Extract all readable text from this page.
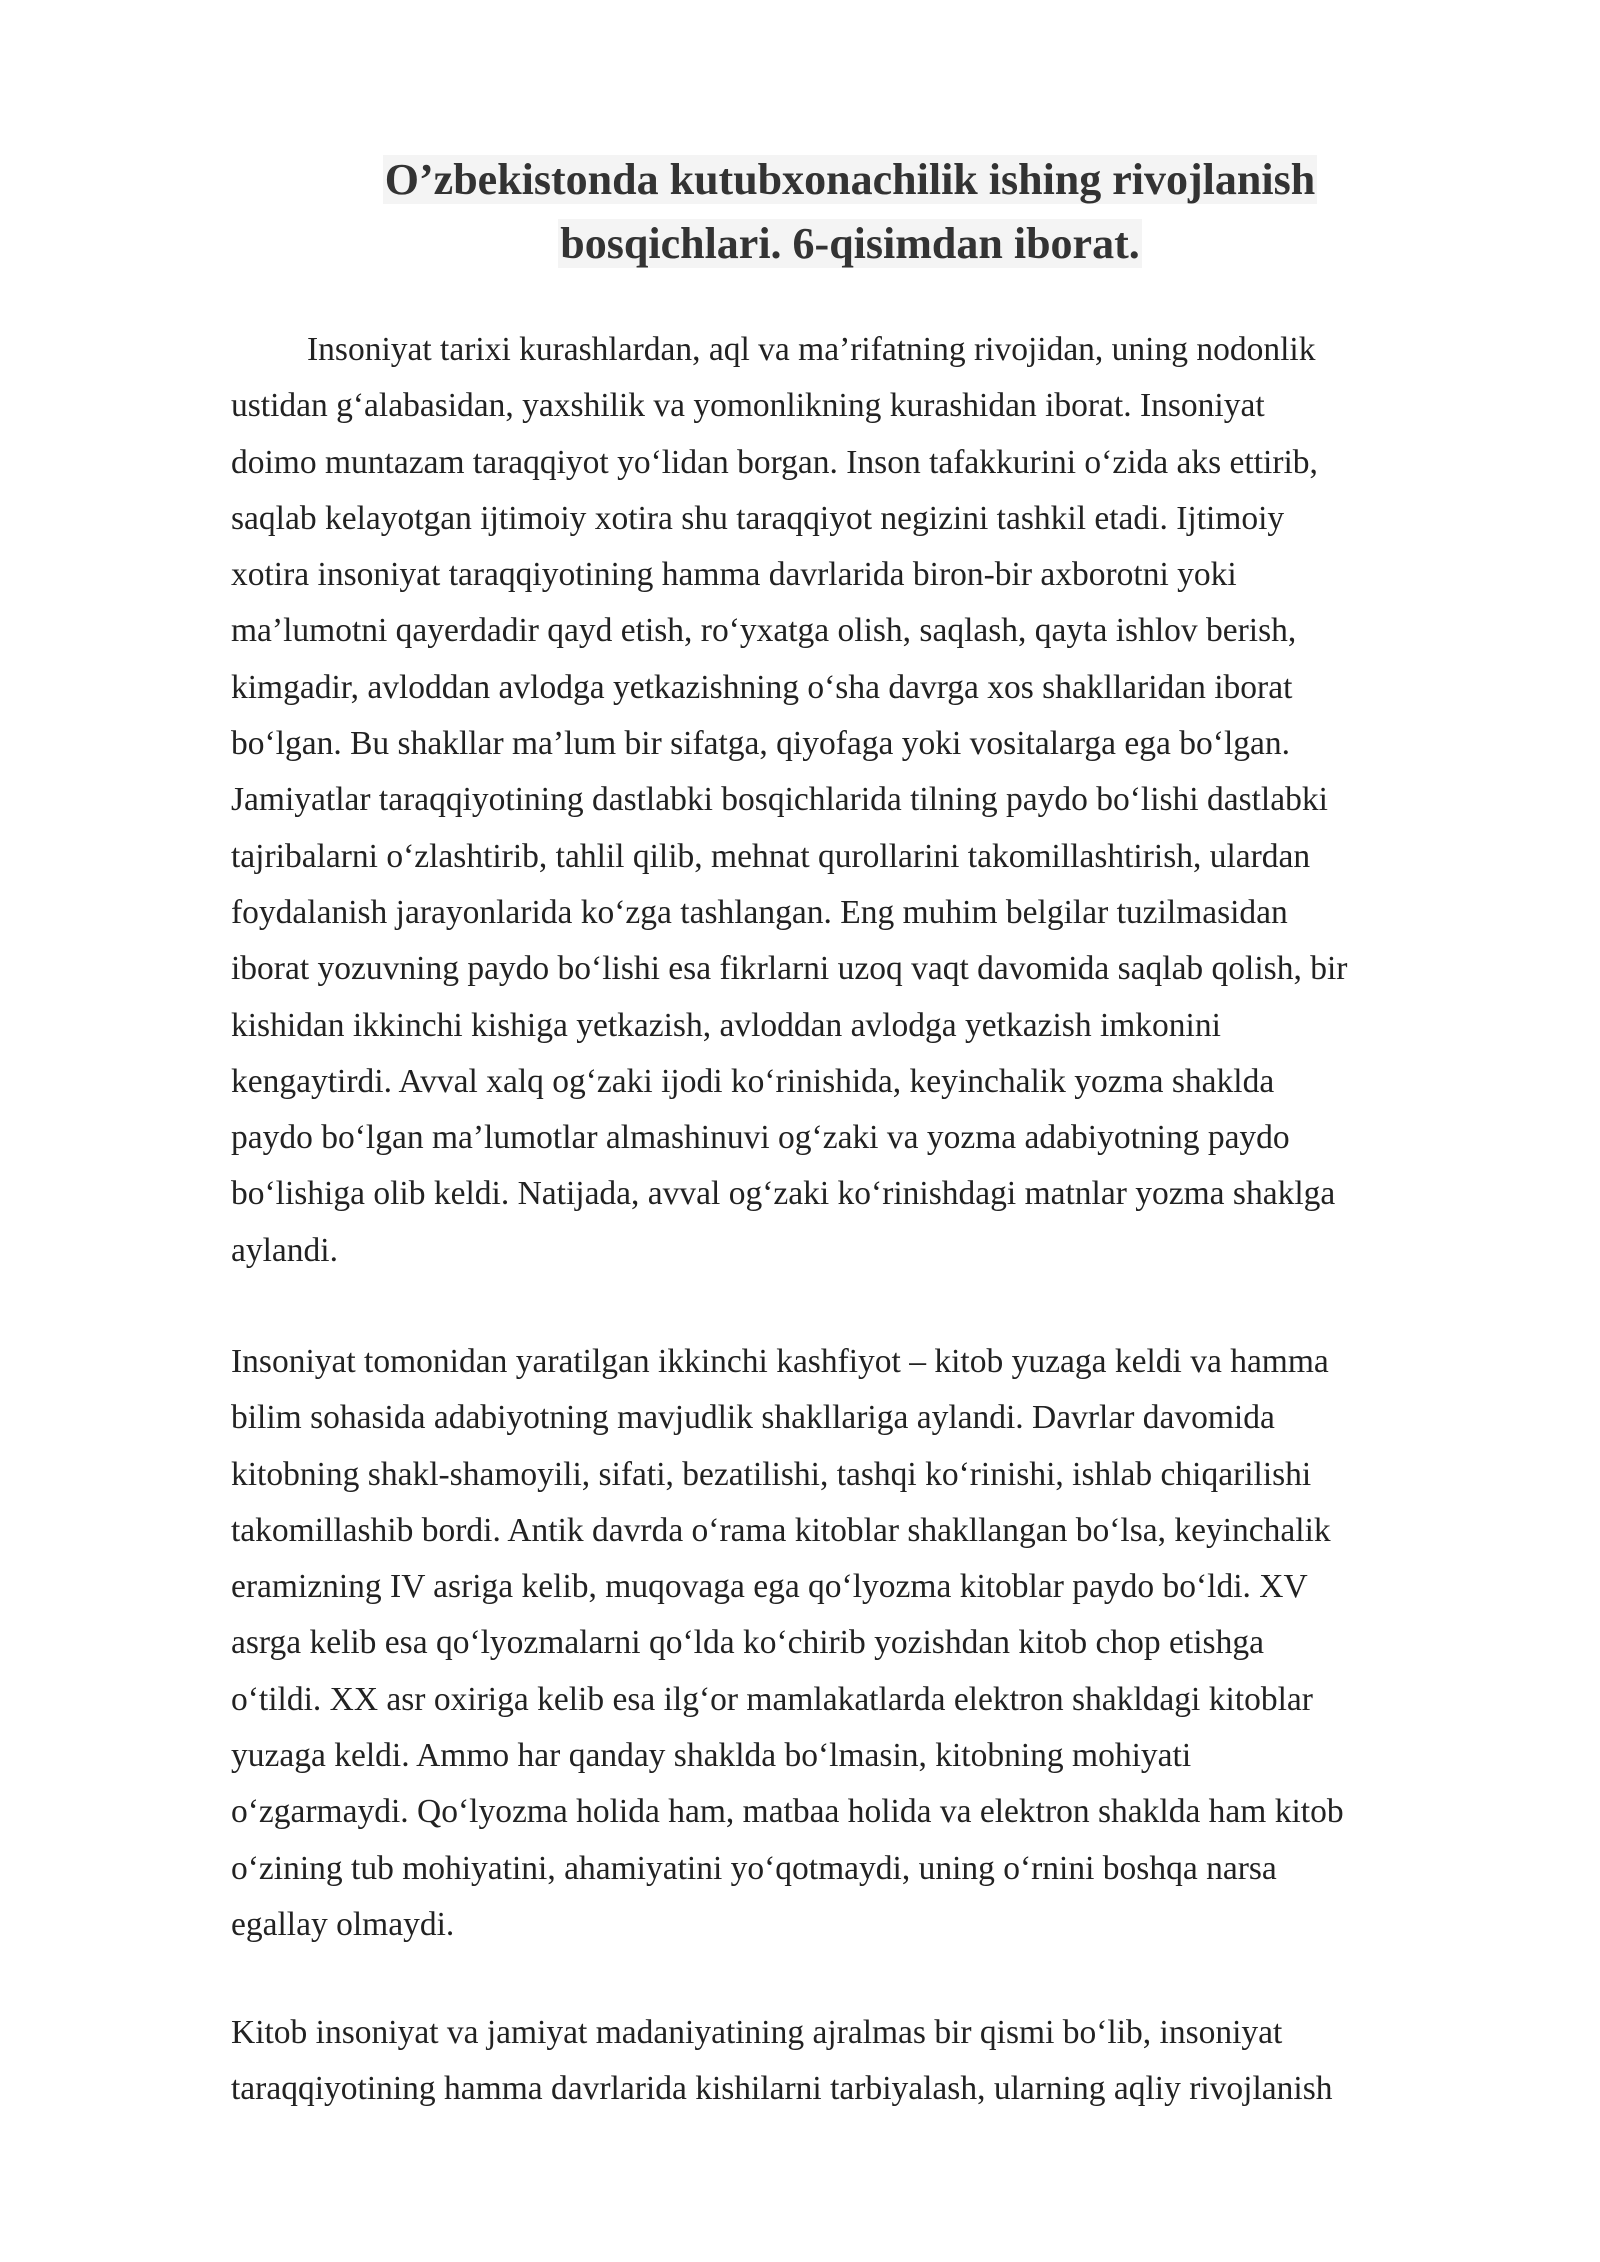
O’zbekistonda kutubxonachilik ishing rivojlanish
bosqichlari. 6-qisimdan iborat.
Insoniyat tarixi kurashlardan, aql va ma’rifatning rivojidan, uning nodonlik
ustidan g‘alabasidan, yaxshilik va yomonlikning kurashidan iborat. Insoniyat
doimo muntazam taraqqiyot yo‘lidan borgan. Inson tafakkurini o‘zida aks ettirib,
saqlab kelayotgan ijtimoiy xotira shu taraqqiyot negizini tashkil etadi. Ijtimoiy
xotira insoniyat taraqqiyotining hamma davrlarida biron-bir axborotni yoki
ma’lumotni qayerdadir qayd etish, ro‘yxatga olish, saqlash, qayta ishlov berish,
kimgadir, avloddan avlodga yetkazishning o‘sha davrga xos shakllaridan iborat
bo‘lgan. Bu shakllar ma’lum bir sifatga, qiyofaga yoki vositalarga ega bo‘lgan.
Jamiyatlar taraqqiyotining dastlabki bosqichlarida tilning paydo bo‘lishi dastlabki
tajribalarni o‘zlashtirib, tahlil qilib, mehnat qurollarini takomillashtirish, ulardan
foydalanish jarayonlarida ko‘zga tashlangan. Eng muhim belgilar tuzilmasidan
iborat yozuvning paydo bo‘lishi esa fikrlarni uzoq vaqt davomida saqlab qolish, bir
kishidan ikkinchi kishiga yetkazish, avloddan avlodga yetkazish imkonini
kengaytirdi. Avval xalq og‘zaki ijodi ko‘rinishida, keyinchalik yozma shaklda
paydo bo‘lgan ma’lumotlar almashinuvi og‘zaki va yozma adabiyotning paydo
bo‘lishiga olib keldi. Natijada, avval og‘zaki ko‘rinishdagi matnlar yozma shaklga
aylandi.
Insoniyat tomonidan yaratilgan ikkinchi kashfiyot – kitob yuzaga keldi va hamma
bilim sohasida adabiyotning mavjudlik shakllariga aylandi. Davrlar davomida
kitobning shakl-shamoyili, sifati, bezatilishi, tashqi ko‘rinishi, ishlab chiqarilishi
takomillashib bordi. Antik davrda o‘rama kitoblar shakllangan bo‘lsa, keyinchalik
eramizning IV asriga kelib, muqovaga ega qo‘lyozma kitoblar paydo bo‘ldi. XV
asrga kelib esa qo‘lyozmalarni qo‘lda ko‘chirib yozishdan kitob chop etishga
o‘tildi. XX asr oxiriga kelib esa ilg‘or mamlakatlarda elektron shakldagi kitoblar
yuzaga keldi. Ammo har qanday shaklda bo‘lmasin, kitobning mohiyati
o‘zgarmaydi. Qo‘lyozma holida ham, matbaa holida va elektron shaklda ham kitob
o‘zining tub mohiyatini, ahamiyatini yo‘qotmaydi, uning o‘rnini boshqa narsa
egallay olmaydi.
Kitob insoniyat va jamiyat madaniyatining ajralmas bir qismi bo‘lib, insoniyat
taraqqiyotining hamma davrlarida kishilarni tarbiyalash, ularning aqliy rivojlanish
